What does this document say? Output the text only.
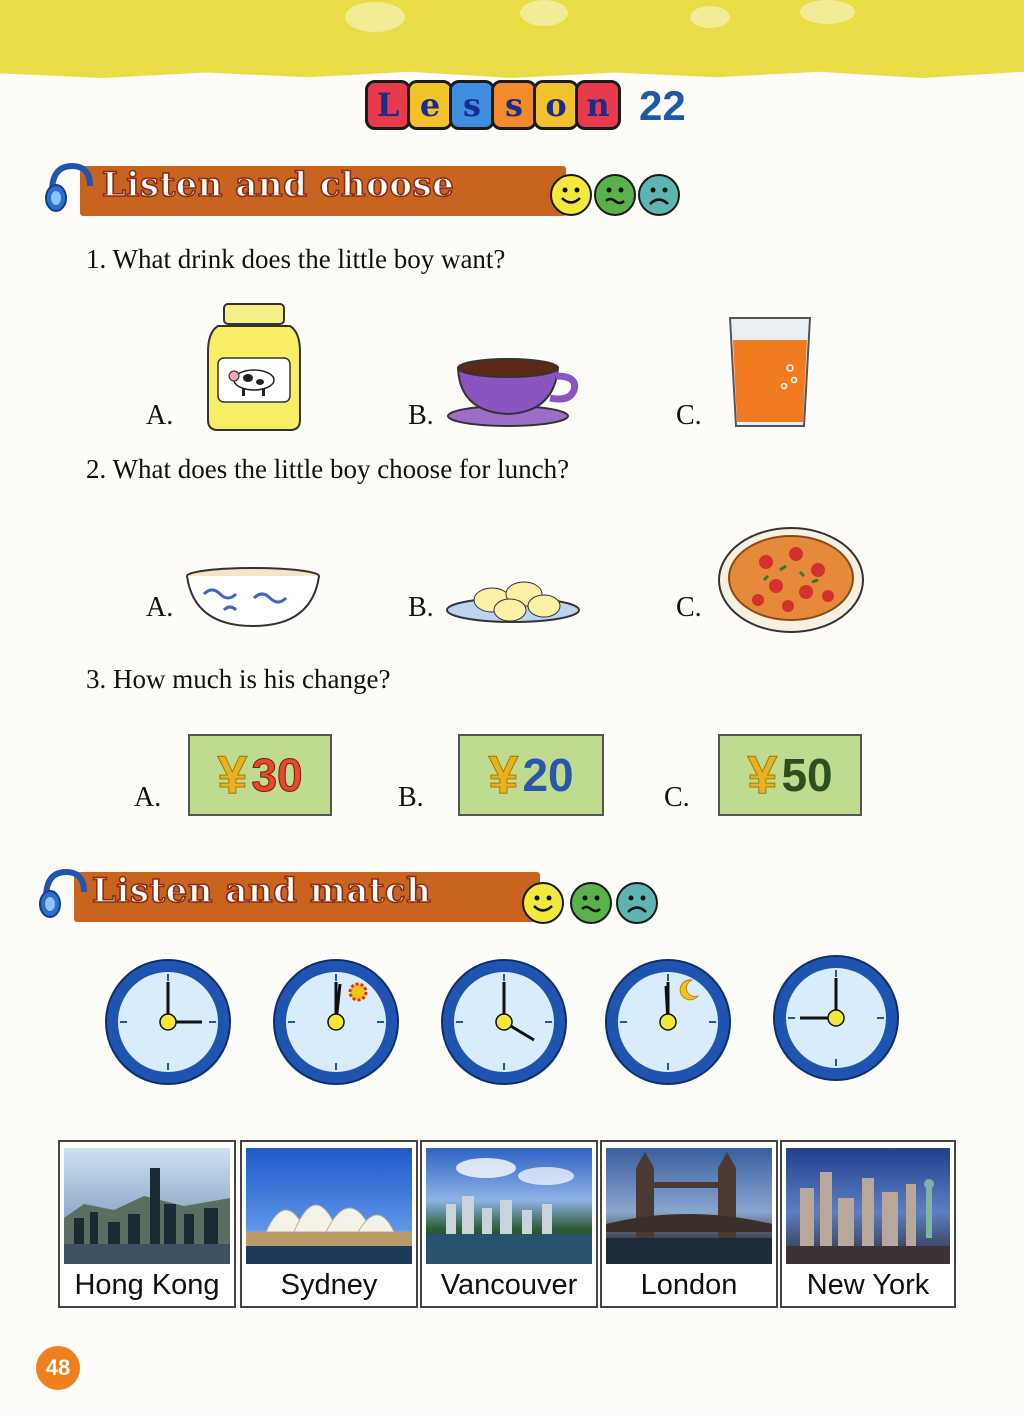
L e s s o n 22
Listen and choose
1. What drink does the little boy want?
A.	B.	C.
2. What does the little boy choose for lunch?
A.	B.	C.
3. How much is his change?
A.	B.	C.
¥ 30	¥ 20	¥ 50
Listen and match
Hong Kong	Sydney	Vancouver	London	New York
48
